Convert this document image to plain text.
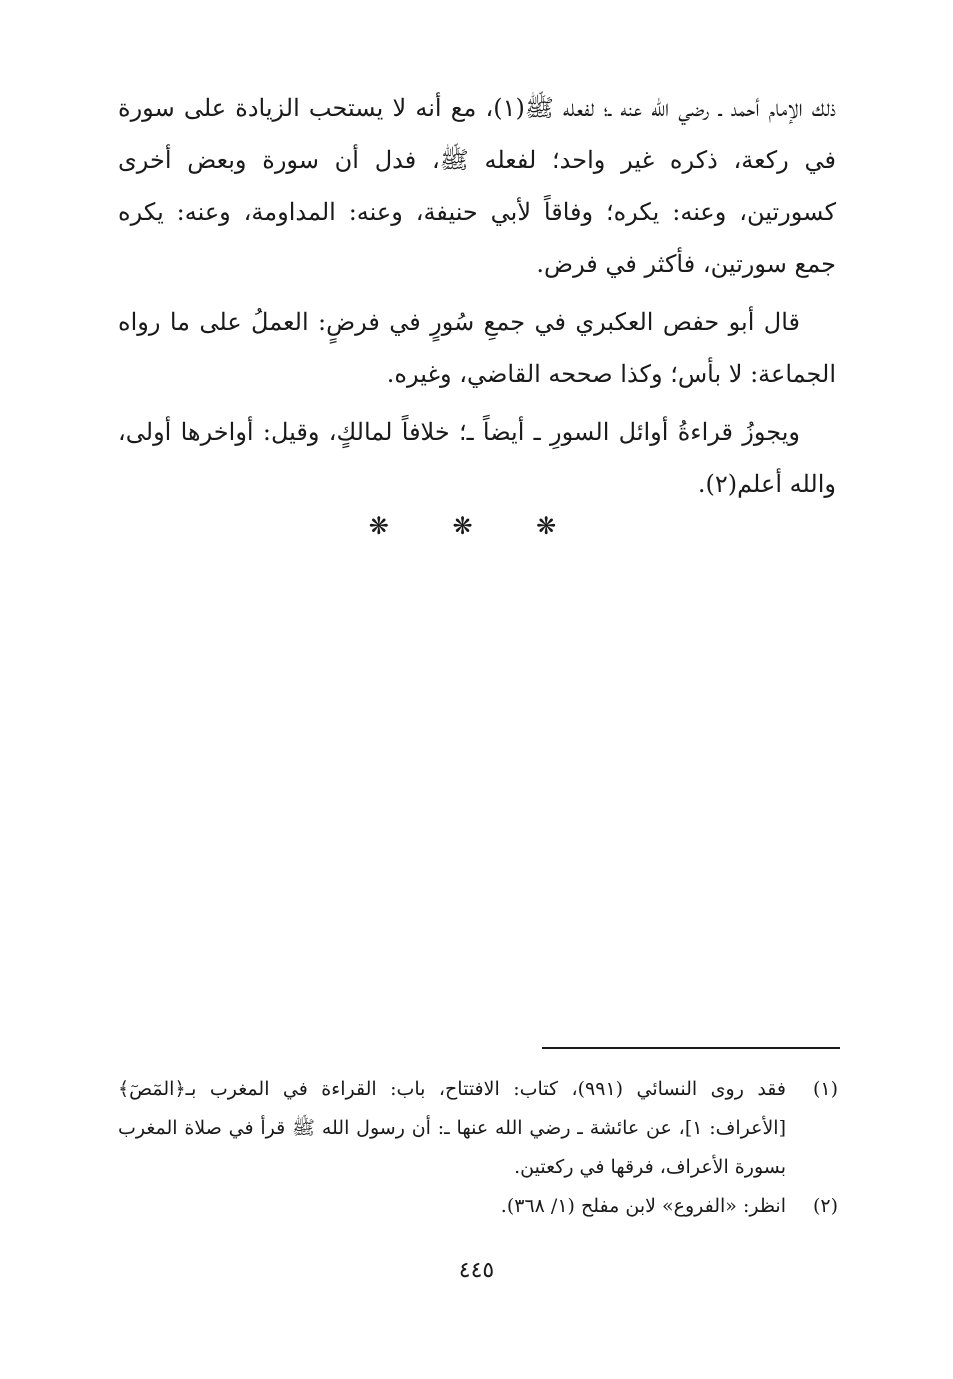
ذلك الإمام أحمد ـ رضي الله عنه ـ؛ لفعله ﷺ(١)، مع أنه لا يستحب الزيادة على سورة في ركعة، ذكره غير واحد؛ لفعله ﷺ، فدل أن سورة وبعض أخرى كسورتين، وعنه: يكره؛ وفاقاً لأبي حنيفة، وعنه: المداومة، وعنه: يكره جمع سورتين، فأكثر في فرض.

قال أبو حفص العكبري في جمعِ سُورٍ في فرضٍ: العملُ على ما رواه الجماعة: لا بأس؛ وكذا صححه القاضي، وغيره.

ويجوزُ قراءةُ أوائل السورِ ـ أيضاً ـ؛ خلافاً لمالكٍ، وقيل: أواخرها أولى، والله أعلم(٢).

❋ ❋ ❋
(١)
فقد روى النسائي (٩٩١)، كتاب: الافتتاح، باب: القراءة في المغرب بـ﴿المٓصٓ﴾ [الأعراف: ١]، عن عائشة ـ رضي الله عنها ـ: أن رسول الله ﷺ قرأ في صلاة المغرب بسورة الأعراف، فرقها في ركعتين.
(٢)
انظر: «الفروع» لابن مفلح (١/ ٣٦٨).
٤٤٥
